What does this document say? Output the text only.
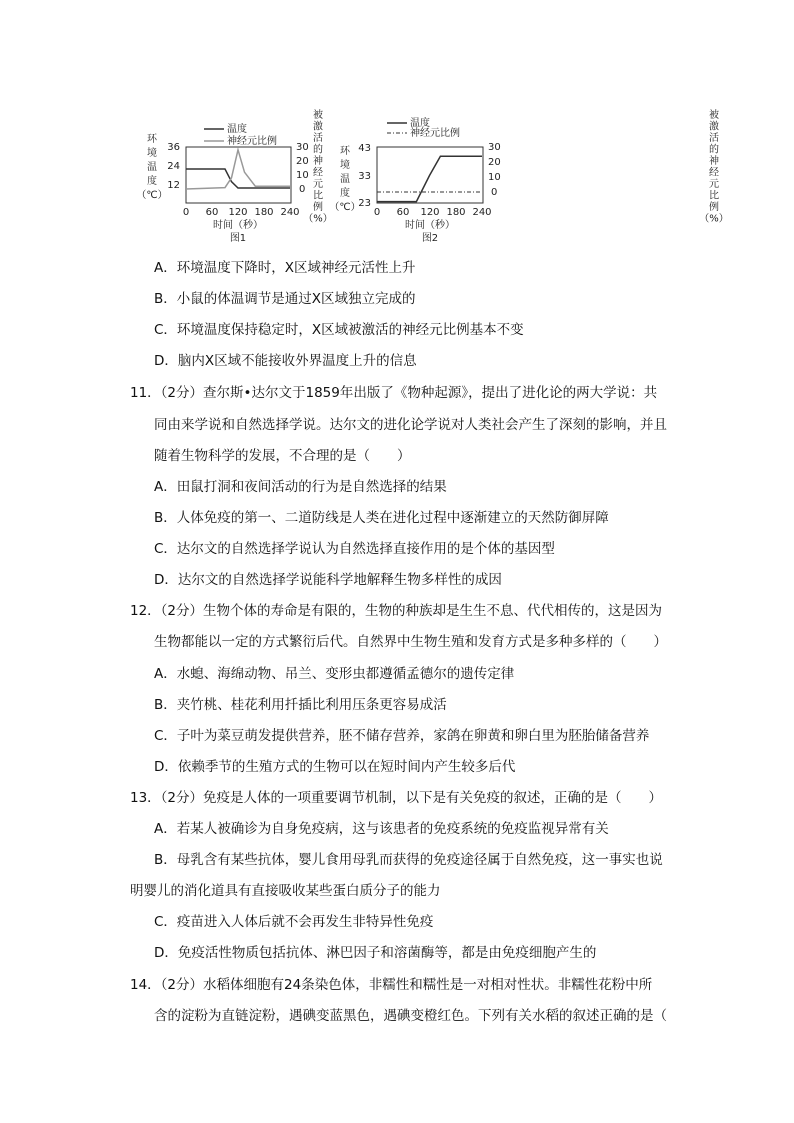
环
境
温
度
（℃）
温度
神经元比例
36
24
12
30
20
10
0
0 60 120 180 240
时间（秒）
图1
被
激
活
的
神
经
元
比
例
（%）
环
境
温
度
（℃）
温度
神经元比例
43
33
23
30
20
10
0
0 60 120 180 240
时间（秒）
图2
被
激
活
的
神
经
元
比
例
（%）
A．环境温度下降时，X区域神经元活性上升
B．小鼠的体温调节是通过X区域独立完成的
C．环境温度保持稳定时，X区域被激活的神经元比例基本不变
D．脑内X区域不能接收外界温度上升的信息
11．（2分）查尔斯•达尔文于1859年出版了《物种起源》，提出了进化论的两大学说：共
同由来学说和自然选择学说。达尔文的进化论学说对人类社会产生了深刻的影响，并且
随着生物科学的发展，不合理的是（　　）
A．田鼠打洞和夜间活动的行为是自然选择的结果
B．人体免疫的第一、二道防线是人类在进化过程中逐渐建立的天然防御屏障
C．达尔文的自然选择学说认为自然选择直接作用的是个体的基因型
D．达尔文的自然选择学说能科学地解释生物多样性的成因
12．（2分）生物个体的寿命是有限的，生物的种族却是生生不息、代代相传的，这是因为
生物都能以一定的方式繁衍后代。自然界中生物生殖和发育方式是多种多样的（　　）
A．水螅、海绵动物、吊兰、变形虫都遵循孟德尔的遗传定律
B．夹竹桃、桂花利用扦插比利用压条更容易成活
C．子叶为菜豆萌发提供营养，胚不储存营养，家鸽在卵黄和卵白里为胚胎储备营养
D．依赖季节的生殖方式的生物可以在短时间内产生较多后代
13．（2分）免疫是人体的一项重要调节机制，以下是有关免疫的叙述，正确的是（　　）
A．若某人被确诊为自身免疫病，这与该患者的免疫系统的免疫监视异常有关
B．母乳含有某些抗体，婴儿食用母乳而获得的免疫途径属于自然免疫，这一事实也说
明婴儿的消化道具有直接吸收某些蛋白质分子的能力
C．疫苗进入人体后就不会再发生非特异性免疫
D．免疫活性物质包括抗体、淋巴因子和溶菌酶等，都是由免疫细胞产生的
14．（2分）水稻体细胞有24条染色体，非糯性和糯性是一对相对性状。非糯性花粉中所
含的淀粉为直链淀粉，遇碘变蓝黑色，遇碘变橙红色。下列有关水稻的叙述正确的是（
